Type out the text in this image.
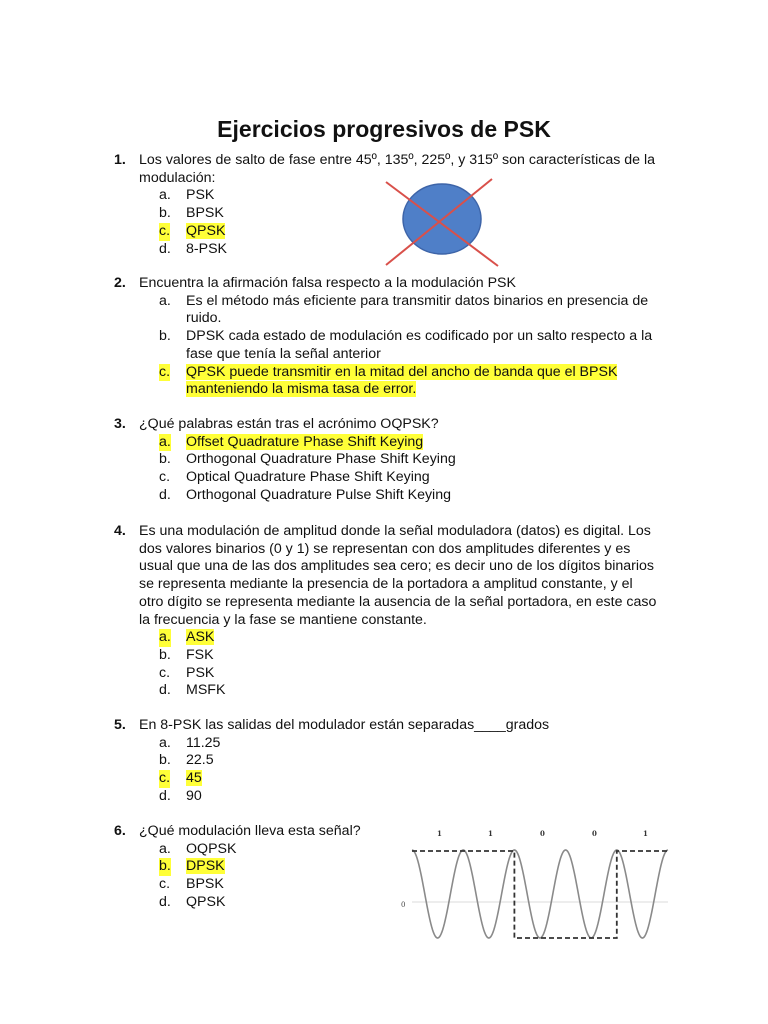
Ejercicios progresivos de PSK
1. Los valores de salto de fase entre 45º, 135º, 225º, y 315º son características de la modulación:
a. PSK
b. BPSK
c. QPSK
d. 8-PSK
2. Encuentra la afirmación falsa respecto a la modulación PSK
a. Es el método más eficiente para transmitir datos binarios en presencia de ruido.
b. DPSK cada estado de modulación es codificado por un salto respecto a la fase que tenía la señal anterior
c. QPSK puede transmitir en la mitad del ancho de banda que el BPSK manteniendo la misma tasa de error.
3. ¿Qué palabras están tras el acrónimo OQPSK?
a. Offset Quadrature Phase Shift Keying
b. Orthogonal Quadrature Phase Shift Keying
c. Optical Quadrature Phase Shift Keying
d. Orthogonal Quadrature Pulse Shift Keying
4. Es una modulación de amplitud donde la señal moduladora (datos) es digital. Los dos valores binarios (0 y 1) se representan con dos amplitudes diferentes y es usual que una de las dos amplitudes sea cero; es decir uno de los dígitos binarios se representa mediante la presencia de la portadora a amplitud constante, y el otro dígito se representa mediante la ausencia de la señal portadora, en este caso la frecuencia y la fase se mantiene constante.
a. ASK
b. FSK
c. PSK
d. MSFK
5. En 8-PSK las salidas del modulador están separadas____grados
a. 11.25
b. 22.5
c. 45
d. 90
6. ¿Qué modulación lleva esta señal?
a. OQPSK
b. DPSK
c. BPSK
d. QPSK
1	1	0	0	1
0
